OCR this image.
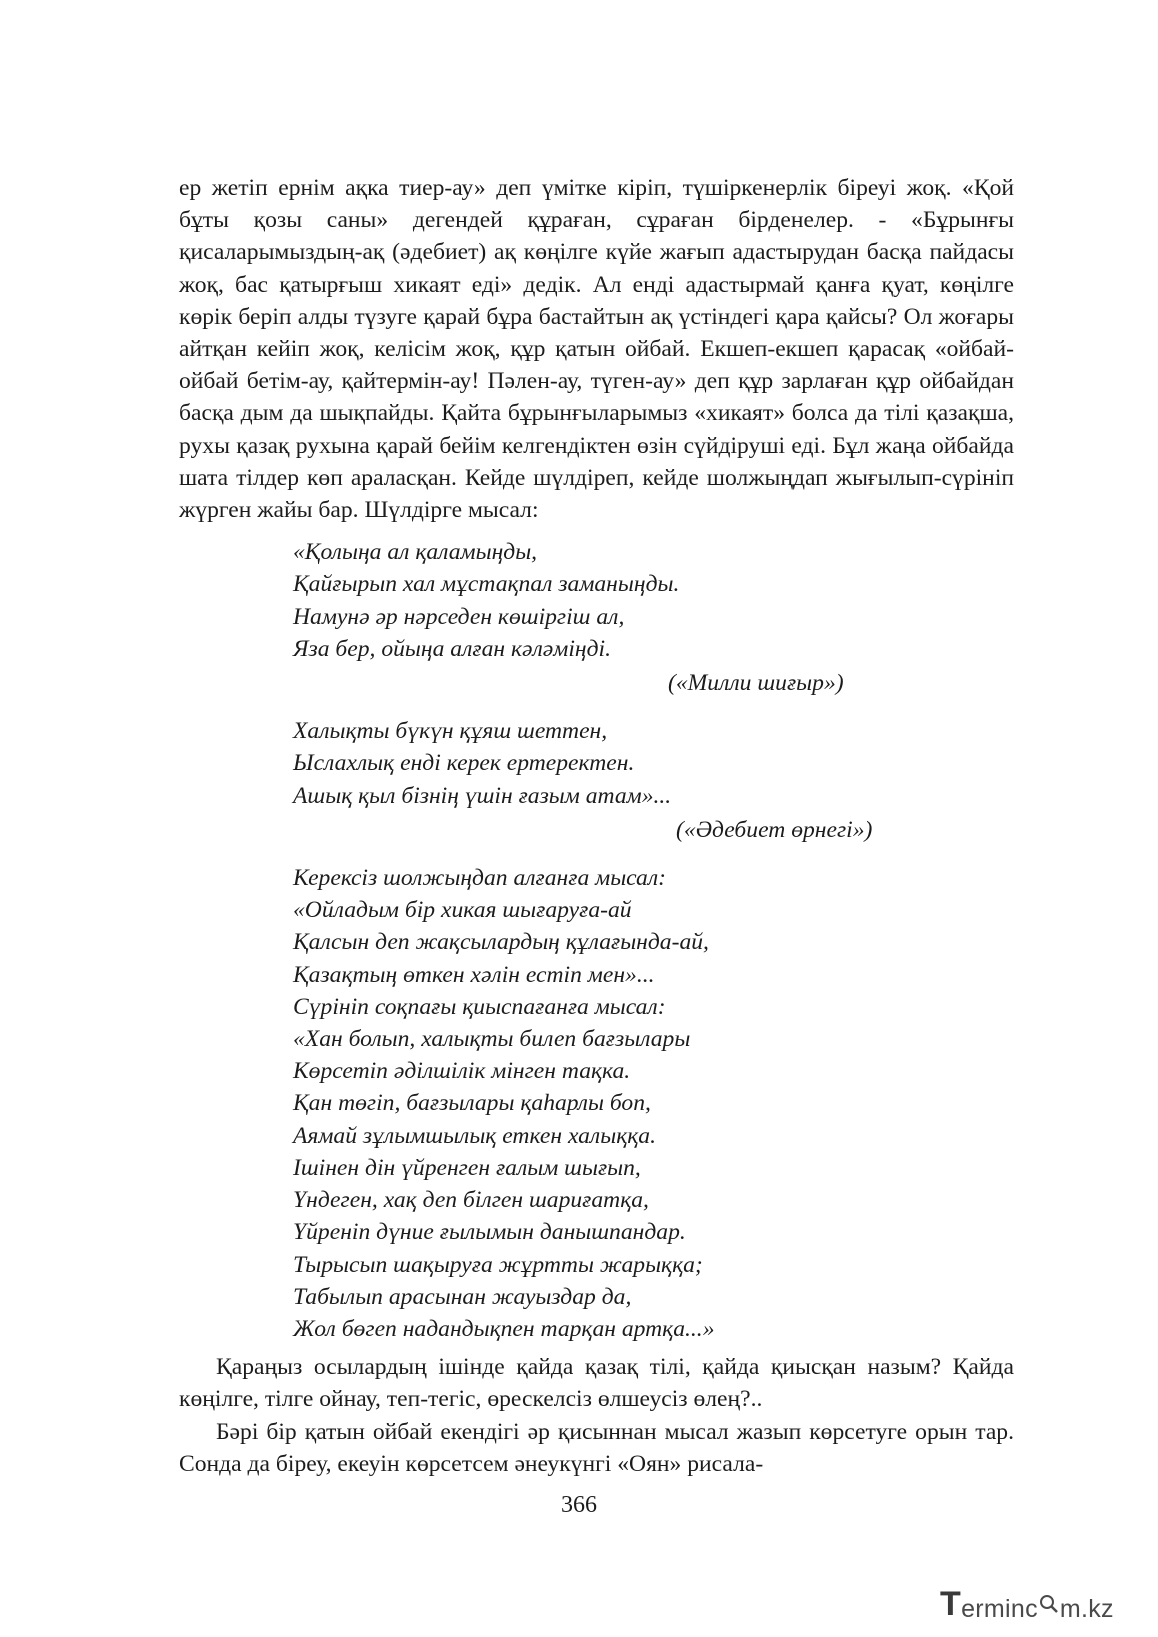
ер жетіп ернім ақка тиер-ау» деп үмітке кіріп, түшіркенерлік біреуі жоқ. «Қой бұты қозы саны» дегендей құраған, сұраған бірденелер. - «Бұрынғы қисаларымыздың-ақ (әдебиет) ақ көңілге күйе жағып адастырудан басқа пайдасы жоқ, бас қатырғыш хикаят еді» дедік. Ал енді адастырмай қанға қуат, көңілге көрік беріп алды түзуге қарай бұра бастайтын ақ үстіндегі қара қайсы? Ол жоғары айтқан кейіп жоқ, келісім жоқ, құр қатын ойбай. Екшеп-екшеп қарасақ «ойбай-ойбай бетім-ау, қайтермін-ау! Пәлен-ау, түген-ау» деп құр зарлаған құр ойбайдан басқа дым да шықпайды. Қайта бұрынғыларымыз «хикаят» болса да тілі қазақша, рухы қазақ рухына қарай бейім келгендіктен өзін сүйдіруші еді. Бұл жаңа ойбайда шата тілдер көп араласқан. Кейде шүлдіреп, кейде шолжыңдап жығылып-сүрініп жүрген жайы бар. Шүлдірге мысал:

«Қолыңа ал қаламыңды,
Қайғырып хал мұстақпал заманыңды.
Намунә әр нәрседен көшіргіш ал,
Яза бер, ойыңа алған кәләміңді.
(«Милли шиғыр»)
Халықты бүкүн құяш шеттен,
Ыслахлық енді керек ертеректен.
Ашық қыл бізнің үшін ғазым атам»...
(«Әдебиет өрнегі»)
Керексіз шолжыңдап алғанға мысал:
«Ойладым бір хикая шығаруға-ай
Қалсын деп жақсылардың құлағында-ай,
Қазақтың өткен хәлін естіп мен»...
Сүрініп соқпағы қиыспағанға мысал:
«Хан болып, халықты билеп бағзылары
Көрсетіп әділшілік мінген тақка.
Қан төгіп, бағзылары қаһарлы боп,
Аямай зұлымшылық еткен халыққа.
Ішінен дін үйренген ғалым шығып,
Үндеген, хақ деп білген шариғатқа,
Үйреніп дүние ғылымын данышпандар.
Тырысып шақыруға жұртты жарыққа;
Табылып арасынан жауыздар да,
Жол бөгеп надандықпен тарқан артқа...»

Қараңыз осылардың ішінде қайда қазақ тілі, қайда қиысқан назым? Қайда көңілге, тілге ойнау, теп-тегіс, өрескелсіз өлшеусіз өлең?..

Бәрі бір қатын ойбай екендігі әр қисыннан мысал жазып көрсетуге орын тар. Сонда да біреу, екеуін көрсетсем әнеукүнгі «Оян» рисала-

366
T erminc m.kz
